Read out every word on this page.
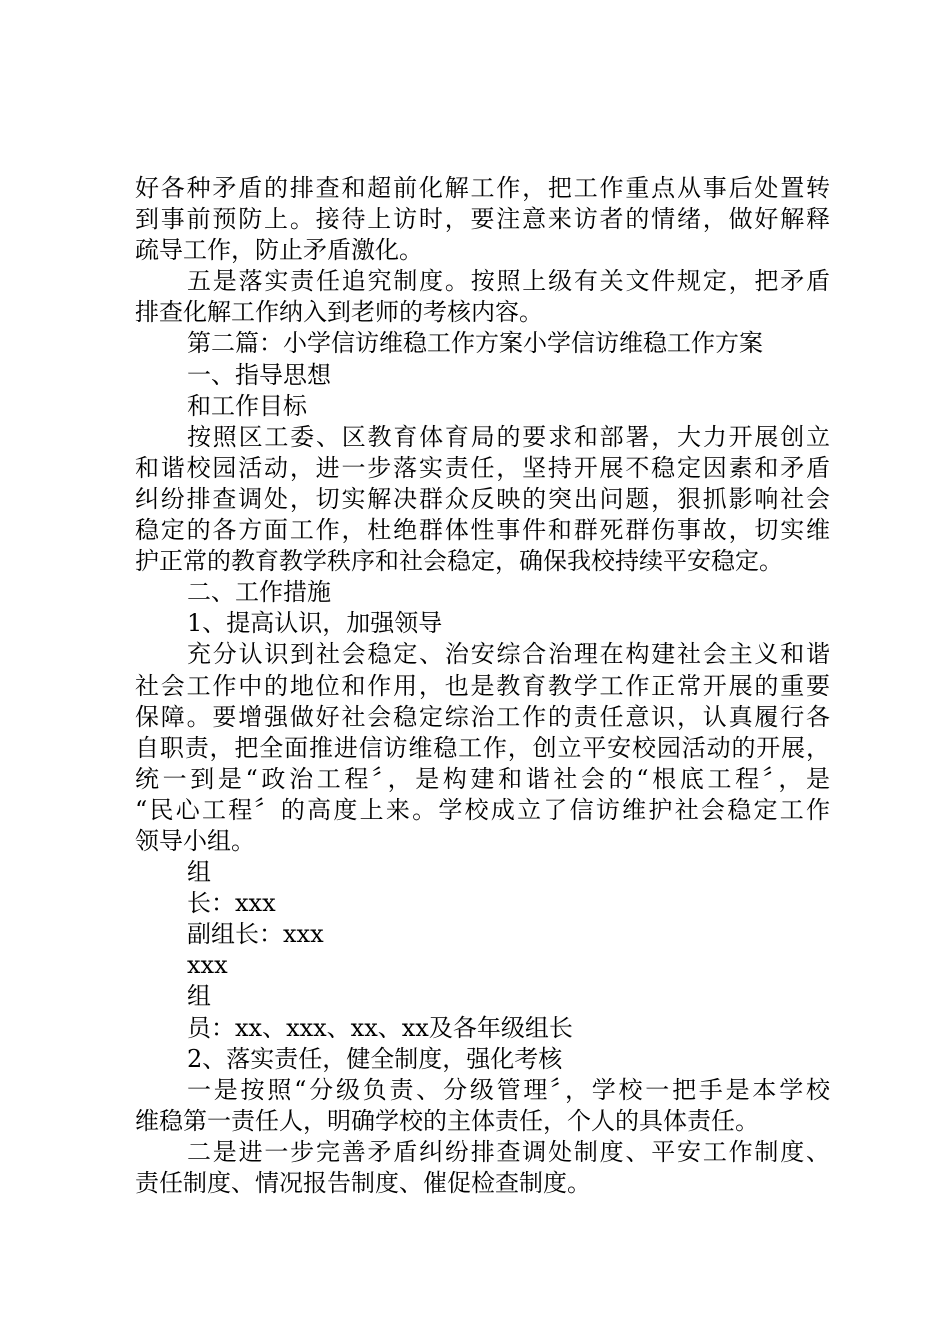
好各种矛盾的排查和超前化解工作，把工作重点从事后处置转
到事前预防上。接待上访时，要注意来访者的情绪，做好解释
疏导工作，防止矛盾激化。
五是落实责任追究制度。按照上级有关文件规定，把矛盾
排查化解工作纳入到老师的考核内容。
第二篇：小学信访维稳工作方案小学信访维稳工作方案
一、指导思想
和工作目标
按照区工委、区教育体育局的要求和部署，大力开展创立
和谐校园活动，进一步落实责任，坚持开展不稳定因素和矛盾
纠纷排查调处，切实解决群众反映的突出问题，狠抓影响社会
稳定的各方面工作，杜绝群体性事件和群死群伤事故，切实维
护正常的教育教学秩序和社会稳定，确保我校持续平安稳定。
二、工作措施
1、提高认识，加强领导
充分认识到社会稳定、治安综合治理在构建社会主义和谐
社会工作中的地位和作用，也是教育教学工作正常开展的重要
保障。要增强做好社会稳定综治工作的责任意识，认真履行各
自职责，把全面推进信访维稳工作，创立平安校园活动的开展，
统一到是“政治工程〞，是构建和谐社会的“根底工程〞，是
“民心工程〞的高度上来。学校成立了信访维护社会稳定工作
领导小组。
组
长：xxx
副组长：xxx
xxx
组
员：xx、xxx、xx、xx及各年级组长
2、落实责任，健全制度，强化考核
一是按照“分级负责、分级管理〞，学校一把手是本学校
维稳第一责任人，明确学校的主体责任，个人的具体责任。
二是进一步完善矛盾纠纷排查调处制度、平安工作制度、
责任制度、情况报告制度、催促检查制度。
